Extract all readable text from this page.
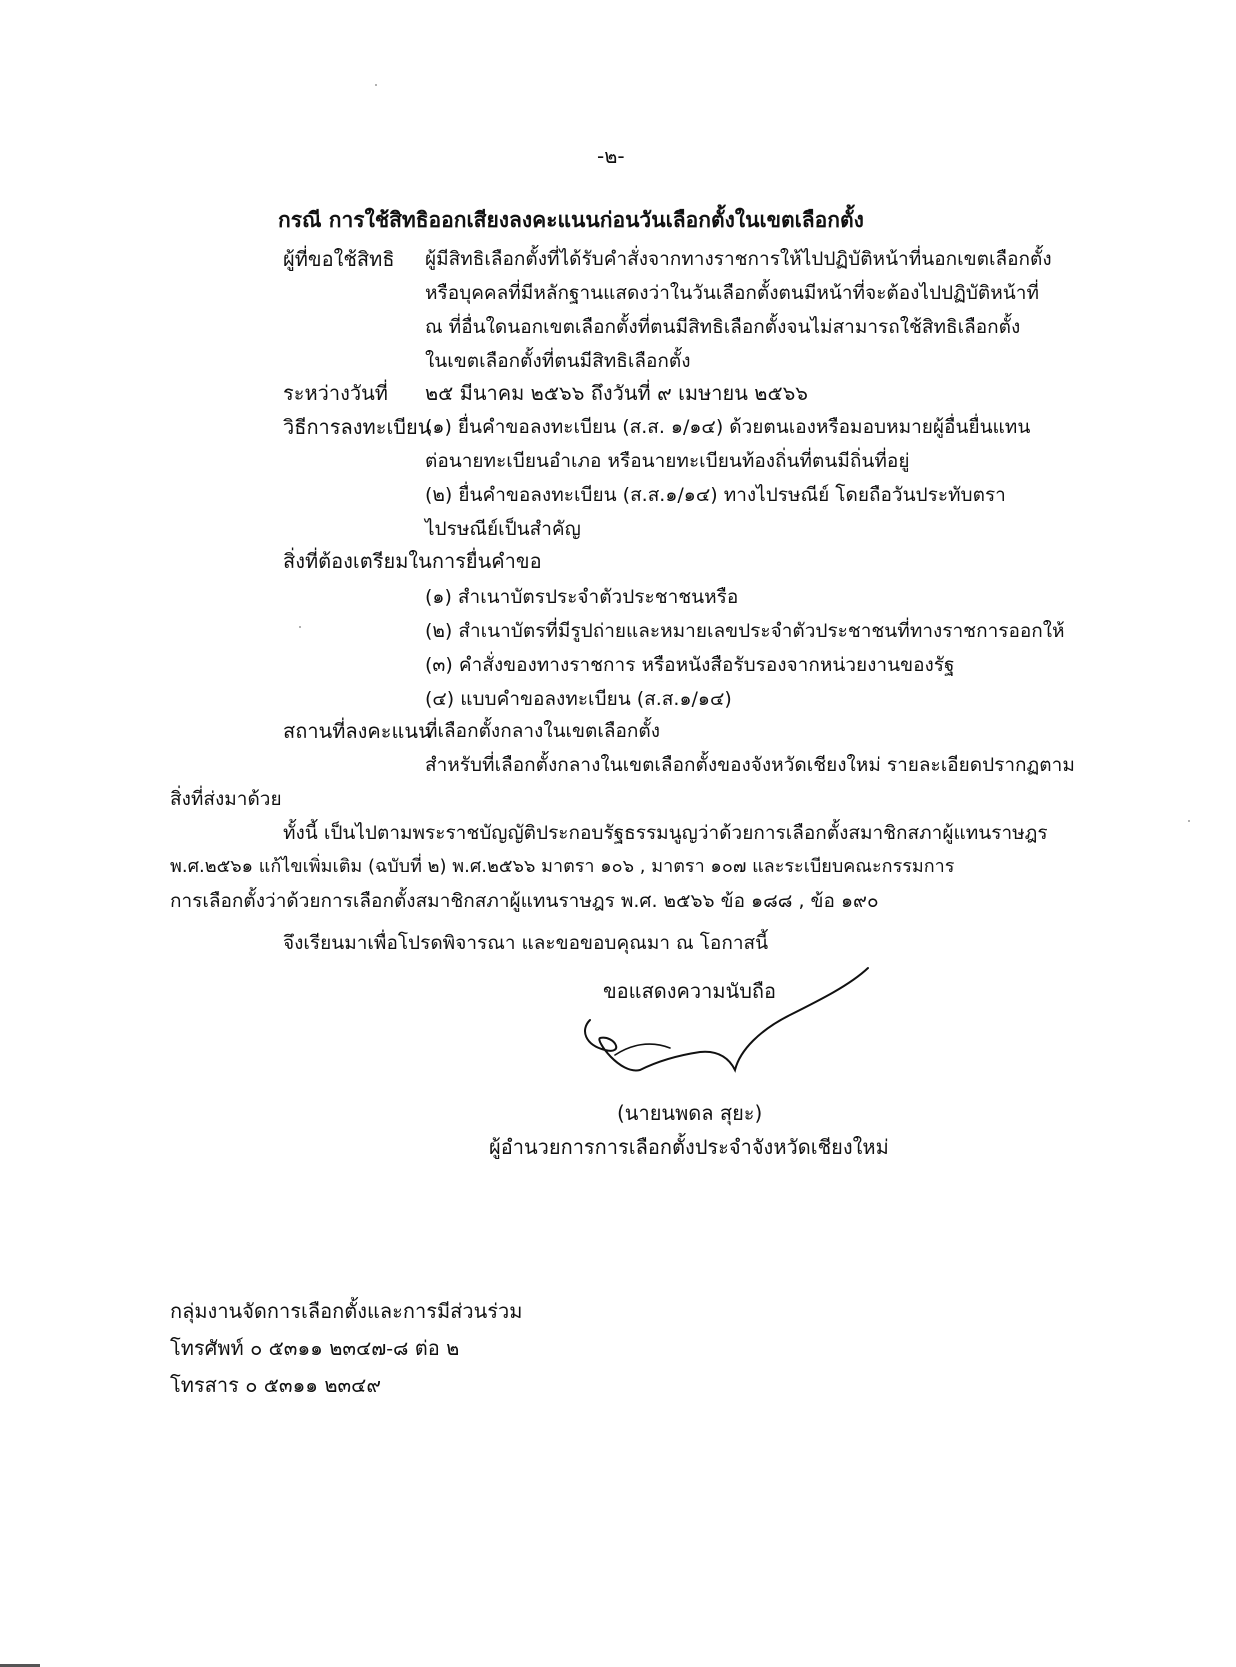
-๒-
กรณี การใช้สิทธิออกเสียงลงคะแนนก่อนวันเลือกตั้งในเขตเลือกตั้ง
ผู้ที่ขอใช้สิทธิ ผู้มีสิทธิเลือกตั้งที่ได้รับคำสั่งจากทางราชการให้ไปปฏิบัติหน้าที่นอกเขตเลือกตั้ง
หรือบุคคลที่มีหลักฐานแสดงว่าในวันเลือกตั้งตนมีหน้าที่จะต้องไปปฏิบัติหน้าที่
ณ ที่อื่นใดนอกเขตเลือกตั้งที่ตนมีสิทธิเลือกตั้งจนไม่สามารถใช้สิทธิเลือกตั้ง
ในเขตเลือกตั้งที่ตนมีสิทธิเลือกตั้ง
ระหว่างวันที่ ๒๕ มีนาคม ๒๕๖๖ ถึงวันที่ ๙ เมษายน ๒๕๖๖
วิธีการลงทะเบียน
(๑) ยื่นคำขอลงทะเบียน (ส.ส. ๑/๑๔) ด้วยตนเองหรือมอบหมายผู้อื่นยื่นแทน
ต่อนายทะเบียนอำเภอ หรือนายทะเบียนท้องถิ่นที่ตนมีถิ่นที่อยู่
(๒) ยื่นคำขอลงทะเบียน (ส.ส.๑/๑๔) ทางไปรษณีย์ โดยถือวันประทับตรา
ไปรษณีย์เป็นสำคัญ
สิ่งที่ต้องเตรียมในการยื่นคำขอ
(๑) สำเนาบัตรประจำตัวประชาชนหรือ
(๒) สำเนาบัตรที่มีรูปถ่ายและหมายเลขประจำตัวประชาชนที่ทางราชการออกให้
(๓) คำสั่งของทางราชการ หรือหนังสือรับรองจากหน่วยงานของรัฐ
(๔) แบบคำขอลงทะเบียน (ส.ส.๑/๑๔)
สถานที่ลงคะแนน
ที่เลือกตั้งกลางในเขตเลือกตั้ง
สำหรับที่เลือกตั้งกลางในเขตเลือกตั้งของจังหวัดเชียงใหม่ รายละเอียดปรากฏตาม
สิ่งที่ส่งมาด้วย
ทั้งนี้ เป็นไปตามพระราชบัญญัติประกอบรัฐธรรมนูญว่าด้วยการเลือกตั้งสมาชิกสภาผู้แทนราษฎร
พ.ศ.๒๕๖๑ แก้ไขเพิ่มเติม (ฉบับที่ ๒) พ.ศ.๒๕๖๖ มาตรา ๑๐๖ , มาตรา ๑๐๗ และระเบียบคณะกรรมการ
การเลือกตั้งว่าด้วยการเลือกตั้งสมาชิกสภาผู้แทนราษฎร พ.ศ. ๒๕๖๖ ข้อ ๑๘๘ , ข้อ ๑๙๐
จึงเรียนมาเพื่อโปรดพิจารณา และขอขอบคุณมา ณ โอกาสนี้
ขอแสดงความนับถือ
(นายนพดล สุยะ)
ผู้อำนวยการการเลือกตั้งประจำจังหวัดเชียงใหม่
กลุ่มงานจัดการเลือกตั้งและการมีส่วนร่วม
โทรศัพท์ ๐ ๕๓๑๑ ๒๓๔๗-๘ ต่อ ๒
โทรสาร ๐ ๕๓๑๑ ๒๓๔๙
